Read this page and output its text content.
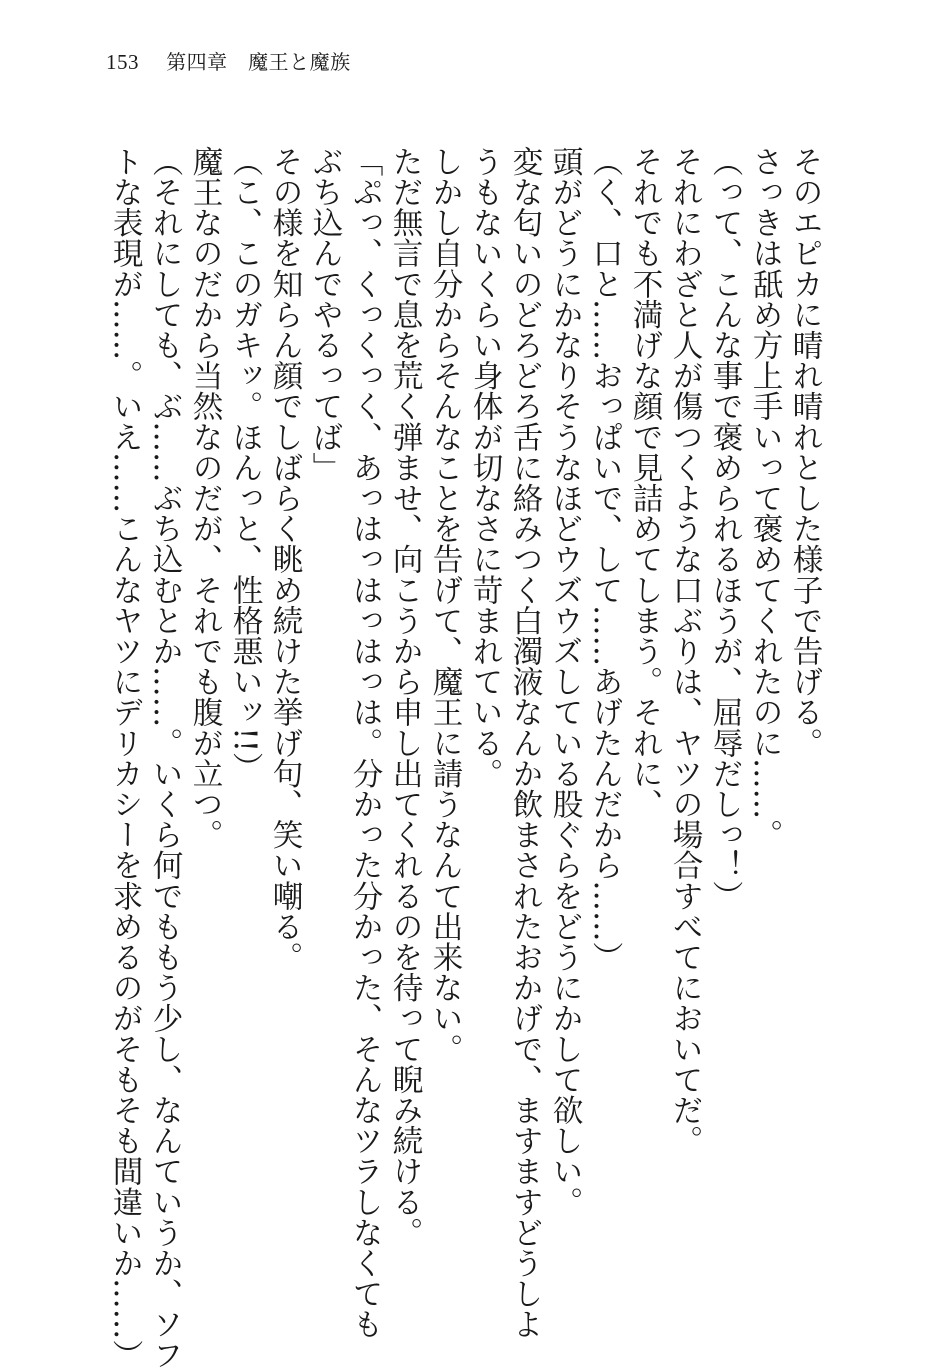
153 第四章　魔王と魔族

そのエピカに晴れ晴れとした様子で告げる。

さっきは舐め方上手いって褒めてくれたのに……。

（って、こんな事で褒められるほうが、屈辱だしっ！）

それにわざと人が傷つくような口ぶりは、ヤツの場合すべてにおいてだ。

それでも不満げな顔で見詰めてしまう。それに、

（く、口と……おっぱいで、して……あげたんだから……）

頭がどうにかなりそうなほどウズウズしている股ぐらをどうにかして欲しい。

変な匂いのどろどろ舌に絡みつく白濁液なんか飲まされたおかげで、ますますどうしよ

うもないくらい身体が切なさに苛まれている。

しかし自分からそんなことを告げて、魔王に請うなんて出来ない。

ただ無言で息を荒く弾ませ、向こうから申し出てくれるのを待って睨み続ける。

「ぷっ、くっくっく、あっはっはっはっは。分かった分かった、そんなツラしなくても

ぶち込んでやるってば」

その様を知らん顔でしばらく眺め続けた挙げ句、笑い嘲る。

（こ、このガキッ。ほんっと、性格悪いッ!!）

魔王なのだから当然なのだが、それでも腹が立つ。

（それにしても、ぶ……ぶち込むとか……。いくら何でももう少し、なんていうか、ソフ

トな表現が……。いえ……こんなヤツにデリカシーを求めるのがそもそも間違いか……）
